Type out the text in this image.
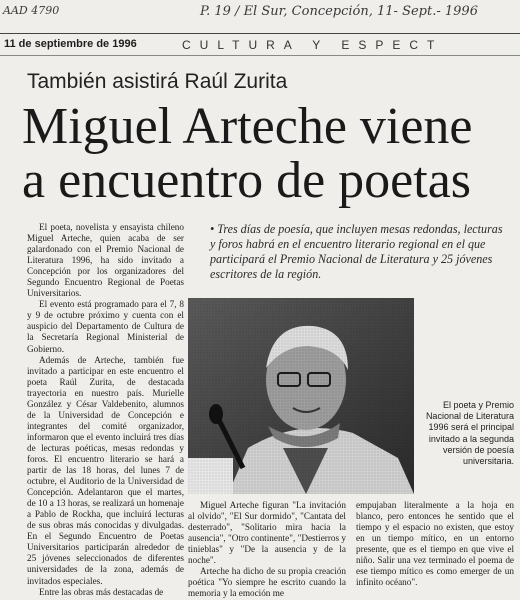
AAD 4790	P. 19 / El Sur, Concepción, 11- Sept.- 1996
11 de septiembre de 1996	CULTURA Y ESPECT
También asistirá Raúl Zurita
Miguel Arteche viene a encuentro de poetas

El poeta, novelista y ensayista chileno Miguel Arteche, quien acaba de ser galardonado con el Premio Nacional de Literatura 1996, ha sido invitado a Concepción por los organizadores del Segundo Encuentro Regional de Poetas Universitarios.

El evento está programado para el 7, 8 y 9 de octubre próximo y cuenta con el auspicio del Departamento de Cultura de la Secretaría Regional Ministerial de Gobierno.

Además de Arteche, también fue invitado a participar en este encuentro el poeta Raúl Zurita, de destacada trayectoria en nuestro país. Murielle González y César Valdebenito, alumnos de la Universidad de Concepción e integrantes del comité organizador, informaron que el evento incluirá tres días de lecturas poéticas, mesas redondas y foros. El encuentro literario se hará a partir de las 18 horas, del lunes 7 de octubre, el Auditorio de la Universidad de Concepción. Adelantaron que el martes, de 10 a 13 horas, se realizará un homenaje a Pablo de Rockha, que incluirá lecturas de sus obras más conocidas y divulgadas. En el Segundo Encuentro de Poetas Universitarios participarán alrededor de 25 jóvenes seleccionados de diferentes universidades de la zona, además de invitados especiales.

Entre las obras más destacadas de

• Tres días de poesía, que incluyen mesas redondas, lecturas y foros habrá en el encuentro literario regional en el que participará el Premio Nacional de Literatura y 25 jóvenes escritores de la región.
El poeta y Premio Nacional de Literatura 1996 será el principal invitado a la segunda versión de poesía universitaria.

Miguel Arteche figuran "La invitación al olvido", "El Sur dormido", "Cantata del desterrado", "Solitario mira hacia la ausencia", "Otro continente", "Destierros y tinieblas" y "De la ausencia y de la noche".

Arteche ha dicho de su propia creación poética "Yo siempre he escrito cuando la memoria y la emoción me

empujaban literalmente a la hoja en blanco, pero entonces he sentido que el tiempo y el espacio no existen, que estoy en un tiempo mítico, en un entorno presente, que es el tiempo en que vive el niño. Salir una vez terminado el poema de ese tiempo mítico es como emerger de un infinito océano".
